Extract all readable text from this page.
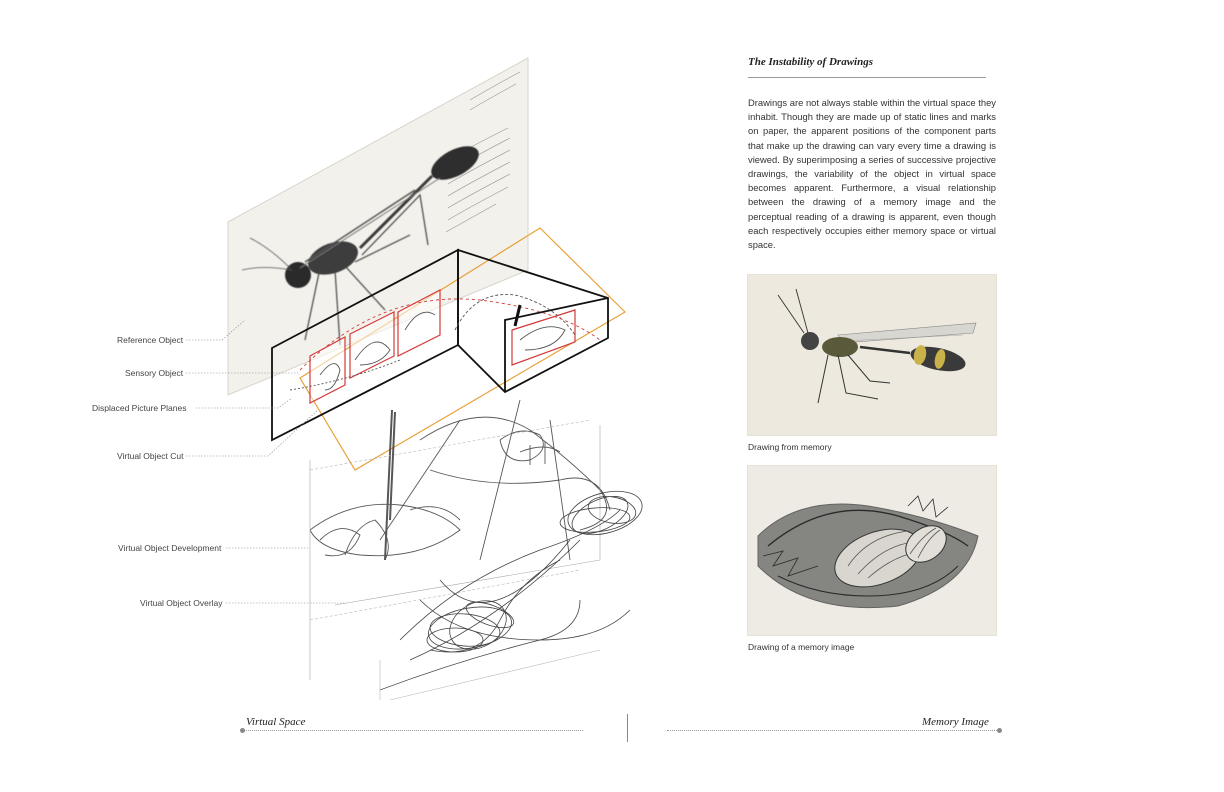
Reference Object
Sensory Object
Displaced Picture Planes
Virtual Object Cut
Virtual Object Development
Virtual Object Overlay
The Instability of Drawings
Drawings are not always stable within the virtual space they inhabit. Though they are made up of static lines and marks on paper, the apparent positions of the component parts that make up the drawing can vary every time a drawing is viewed. By superimposing a series of successive projective drawings, the variability of the object in virtual space becomes apparent. Furthermore, a visual relationship between the drawing of a memory image and the perceptual reading of a drawing is apparent, even though each respectively occupies either memory space or virtual space.
Drawing from memory
Drawing of a memory image
Virtual Space	Memory Image
